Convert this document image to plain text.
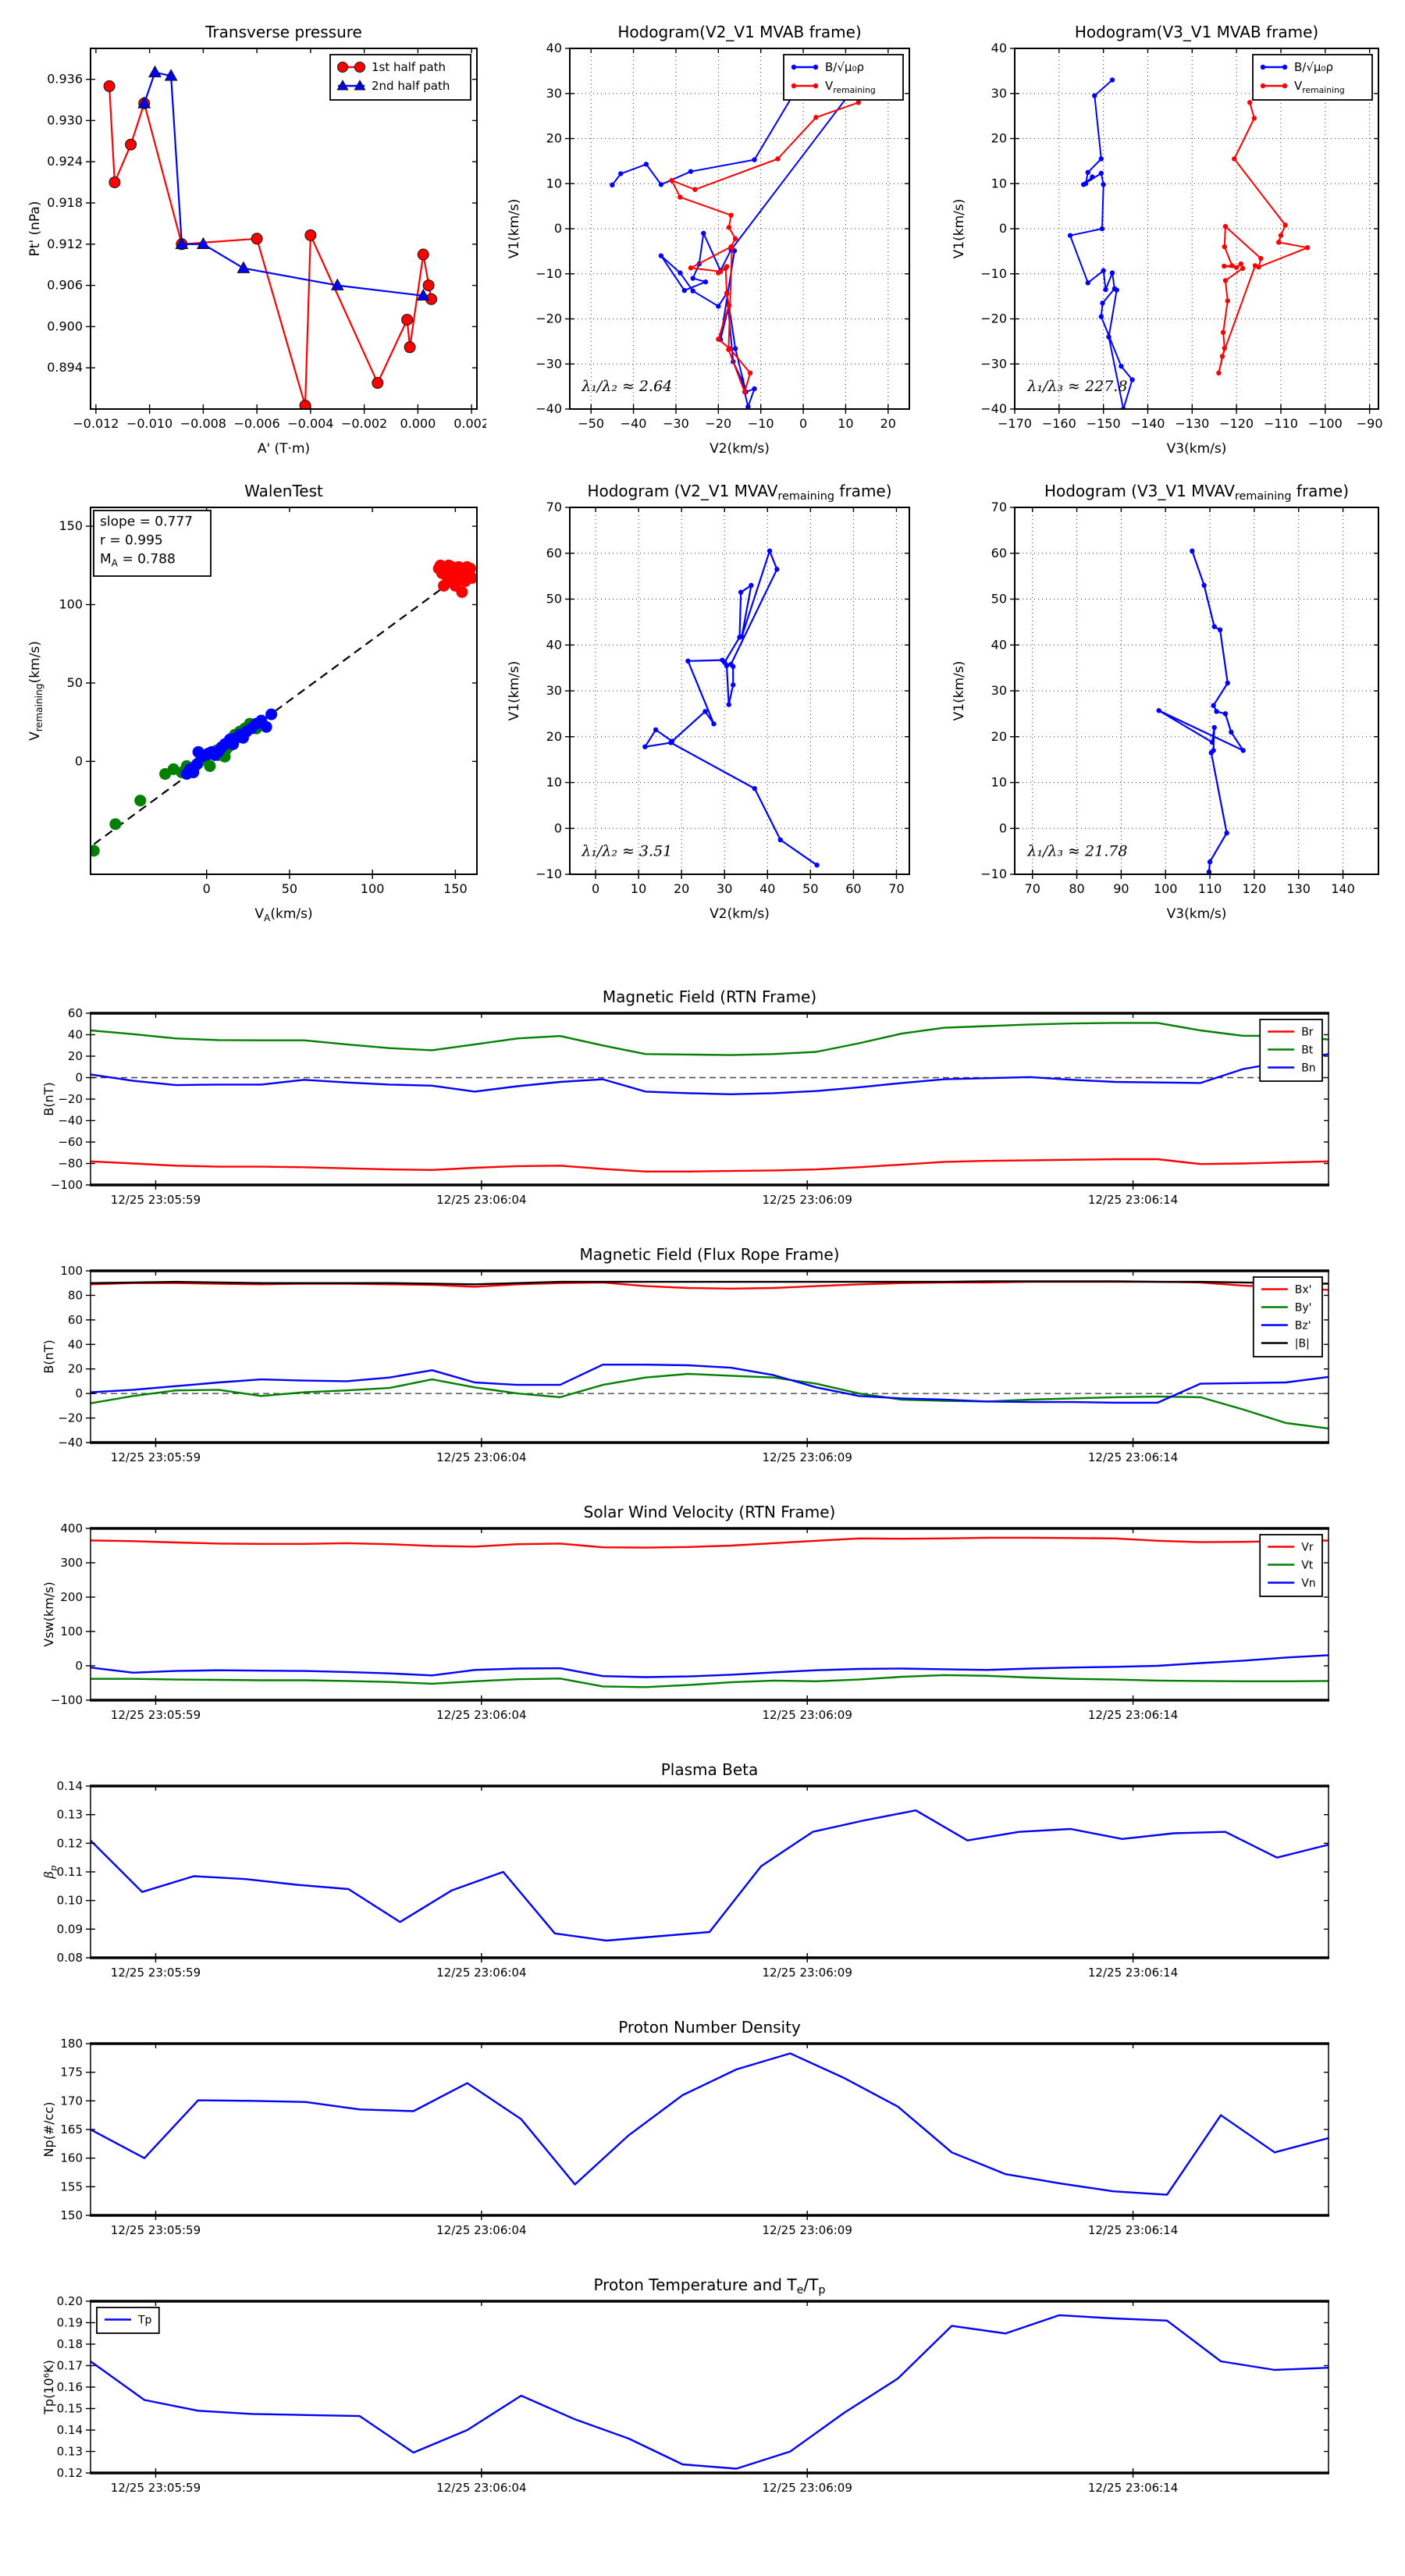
−0.012 −0.010 −0.008 −0.006 −0.004 −0.002 0.000 0.002
0.894
0.900
0.906
0.912
0.918
0.924
0.930
0.936
Transverse pressure
A' (T·m)
Pt' (nPa)
1st half path
2nd half path
−50 −40 −30 −20 −10 0 10 20
−40
−30
−20
−10
0
10
20
30
40
Hodogram(V2_V1 MVAB frame)
V2(km/s)
V1(km/s)
λ₁/λ₂ ≈ 2.64
B/√μ₀ρ
$V_{remaining}$
−170 −160 −150 −140 −130 −120 −110 −100 −90
−40
−30
−20
−10
0
10
20
30
40
Hodogram(V3_V1 MVAB frame)
V3(km/s)
V1(km/s)
λ₁/λ₃ ≈ 227.8
B/√μ₀ρ
$V_{remaining}$
0	50	100	150
0
50
100
150
WalenTest
$V_A(km/s)$
$V_{remaining}(km/s)$
slope = 0.777
r = 0.995
$M_A = 0.788$
0 10 20 30 40 50 60 70
−10
0
10
20
30
40
50
60
70
Hodogram (V2_V1 $MVAV_{remaining}$ frame)
V2(km/s)
V1(km/s)
λ₁/λ₂ ≈ 3.51
70 80 90 100 110 120 130 140
−10
0
10
20
30
40
50
60
70
Hodogram (V3_V1 $MVAV_{remaining}$ frame)
V3(km/s)
V1(km/s)
λ₁/λ₃ ≈ 21.78
12/25 23:05:59	12/25 23:06:04	12/25 23:06:09	12/25 23:06:14
−100
−80
−60
−40
−20
0
20
40
60
Magnetic Field (RTN Frame)
B(nT)
Br
Bt
Bn
12/25 23:05:59	12/25 23:06:04	12/25 23:06:09	12/25 23:06:14
−40
−20
0
20
40
60
80
100
Magnetic Field (Flux Rope Frame)
B(nT)
Bx'
By'
Bz'
|B|
12/25 23:05:59	12/25 23:06:04	12/25 23:06:09	12/25 23:06:14
−100
0
100
200
300
400
Solar Wind Velocity (RTN Frame)
Vsw(km/s)
Vr
Vt
Vn
12/25 23:05:59	12/25 23:06:04	12/25 23:06:09	12/25 23:06:14
0.08
0.09
0.10
0.11
0.12
0.13
0.14
Plasma Beta
$\beta_p$
12/25 23:05:59	12/25 23:06:04	12/25 23:06:09	12/25 23:06:14
150
155
160
165
170
175
180
Proton Number Density
Np(#/cc)
12/25 23:05:59	12/25 23:06:04	12/25 23:06:09	12/25 23:06:14
0.12
0.13
0.14
0.15
0.16
0.17
0.18
0.19
0.20
Proton Temperature and $T_e/T_p$
Tp(10⁶K)
Tp
